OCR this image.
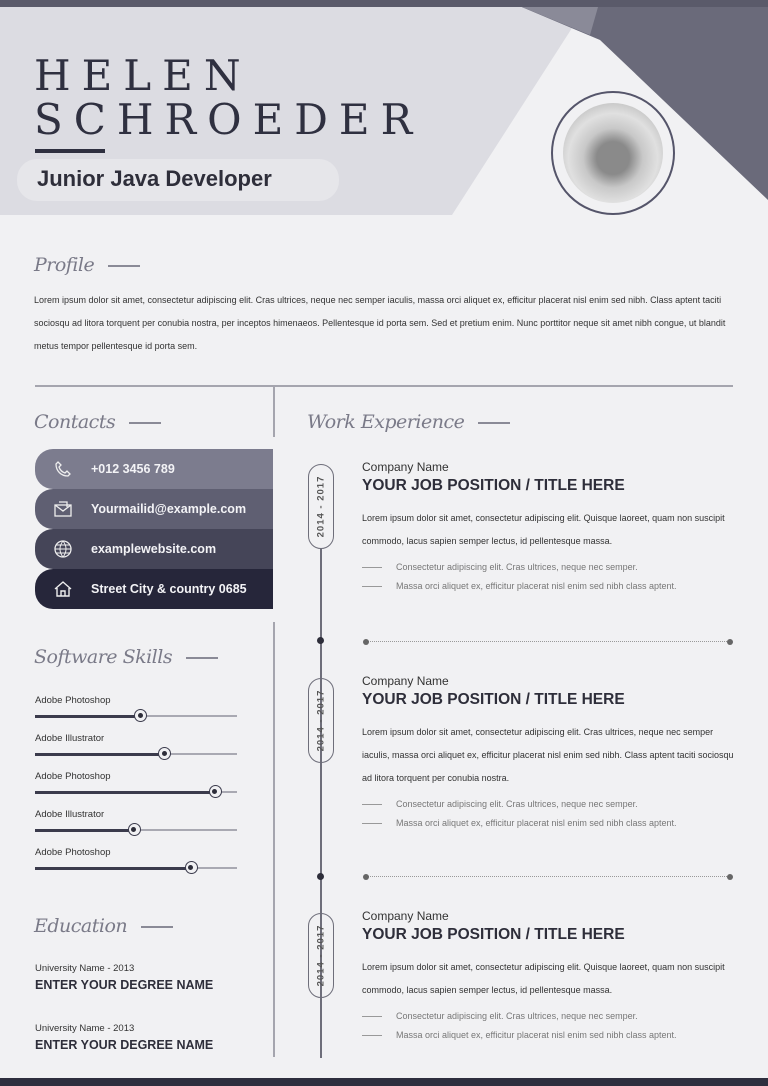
HELEN
SCHROEDER
Junior Java Developer
Profile
Lorem ipsum dolor sit amet, consectetur adipiscing elit. Cras ultrices, neque nec semper iaculis, massa orci aliquet ex, efficitur placerat nisl enim sed nibh. Class aptent taciti sociosqu ad litora torquent per conubia nostra, per inceptos himenaeos. Pellentesque id porta sem. Sed et pretium enim. Nunc porttitor neque sit amet nibh congue, ut blandit metus tempor pellentesque id porta sem.
Contacts
+012 3456 789
Yourmailid@example.com
examplewebsite.com
Street City & country 0685
Software Skills
Adobe Photoshop
Adobe Illustrator
Adobe Photoshop
Adobe Illustrator
Adobe Photoshop
Education
University Name - 2013
ENTER YOUR DEGREE NAME
University Name - 2013
ENTER YOUR DEGREE NAME
Work Experience
2014 - 2017
Company Name
YOUR JOB POSITION / TITLE HERE
Lorem ipsum dolor sit amet, consectetur adipiscing elit. Quisque laoreet, quam non suscipit commodo, lacus sapien semper lectus, id pellentesque massa.
Consectetur adipiscing elit. Cras ultrices, neque nec semper.
Massa orci aliquet ex, efficitur placerat nisl enim sed nibh class aptent.
2014 - 2017
Company Name
YOUR JOB POSITION / TITLE HERE
Lorem ipsum dolor sit amet, consectetur adipiscing elit. Cras ultrices, neque nec semper iaculis, massa orci aliquet ex, efficitur placerat nisl enim sed nibh. Class aptent taciti sociosqu ad litora torquent per conubia nostra.
Consectetur adipiscing elit. Cras ultrices, neque nec semper.
Massa orci aliquet ex, efficitur placerat nisl enim sed nibh class aptent.
2014 - 2017
Company Name
YOUR JOB POSITION / TITLE HERE
Lorem ipsum dolor sit amet, consectetur adipiscing elit. Quisque laoreet, quam non suscipit commodo, lacus sapien semper lectus, id pellentesque massa.
Consectetur adipiscing elit. Cras ultrices, neque nec semper.
Massa orci aliquet ex, efficitur placerat nisl enim sed nibh class aptent.
